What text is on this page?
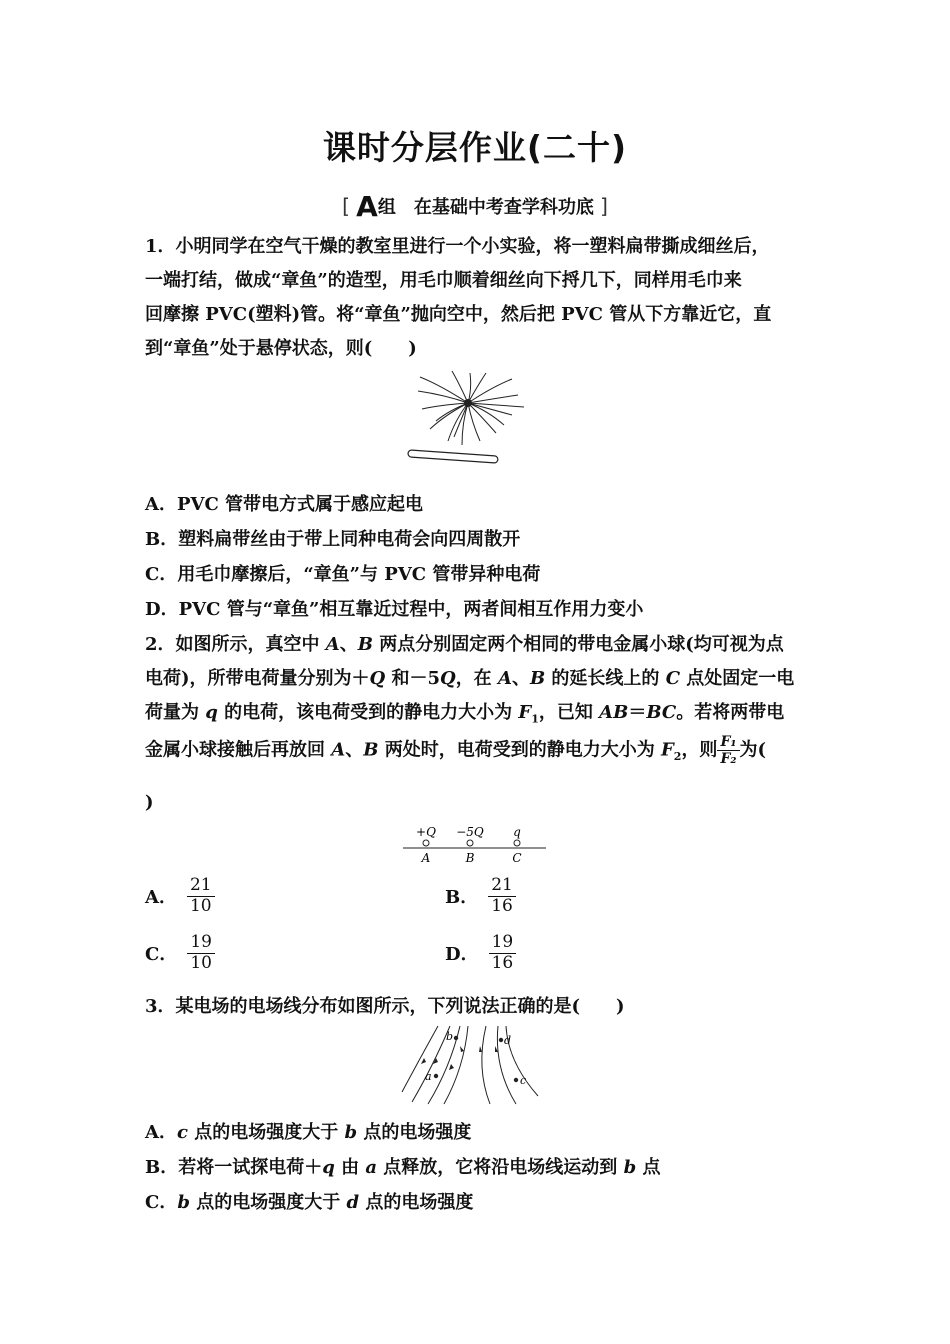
课时分层作业(二十)
[ A组　在基础中考查学科功底 ]
1．小明同学在空气干燥的教室里进行一个小实验，将一塑料扁带撕成细丝后，
一端打结，做成“章鱼”的造型，用毛巾顺着细丝向下捋几下，同样用毛巾来
回摩擦 PVC(塑料)管。将“章鱼”抛向空中，然后把 PVC 管从下方靠近它，直
到“章鱼”处于悬停状态，则(　　)
A．PVC 管带电方式属于感应起电
B．塑料扁带丝由于带上同种电荷会向四周散开
C．用毛巾摩擦后，“章鱼”与 PVC 管带异种电荷
D．PVC 管与“章鱼”相互靠近过程中，两者间相互作用力变小
2．如图所示，真空中 A、B 两点分别固定两个相同的带电金属小球(均可视为点
电荷)，所带电荷量分别为＋Q 和－5Q，在 A、B 的延长线上的 C 点处固定一电
荷量为 q 的电荷，该电荷受到的静电力大小为 $F_1$，已知 AB＝BC。若将两带电
金属小球接触后再放回 A、B 两处时，电荷受到的静电力大小为 $F_2$，则 $\frac{\text{F₁}}{\text{F₂}}$ 为(
)
+Q −5Q q
A	B	C
A． $\frac{21}{10}$	B． $\frac{21}{16}$
C． $\frac{19}{10}$	D． $\frac{19}{16}$
3．某电场的电场线分布如图所示，下列说法正确的是(　　)
b	d
a	c
A．c 点的电场强度大于 b 点的电场强度
B．若将一试探电荷＋q 由 a 点释放，它将沿电场线运动到 b 点
C．b 点的电场强度大于 d 点的电场强度
